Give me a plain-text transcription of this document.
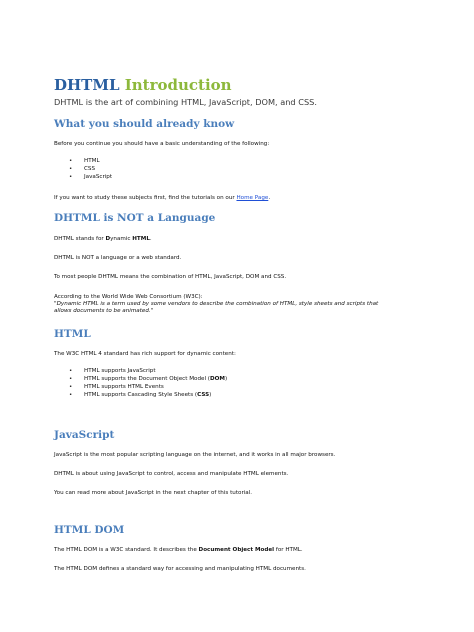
DHTML Introduction
DHTML is the art of combining HTML, JavaScript, DOM, and CSS.
What you should already know
Before you continue you should have a basic understanding of the following:
• HTML
• CSS
• JavaScript
If you want to study these subjects first, find the tutorials on our Home Page.
DHTML is NOT a Language
DHTML stands for Dynamic HTML.
DHTML is NOT a language or a web standard.
To most people DHTML means the combination of HTML, JavaScript, DOM and CSS.
According to the World Wide Web Consortium (W3C):
"Dynamic HTML is a term used by some vendors to describe the combination of HTML, style sheets and scripts that
allows documents to be animated."
HTML
The W3C HTML 4 standard has rich support for dynamic content:
• HTML supports JavaScript
• HTML supports the Document Object Model (DOM)
• HTML supports HTML Events
• HTML supports Cascading Style Sheets (CSS)
JavaScript
JavaScript is the most popular scripting language on the internet, and it works in all major browsers.
DHTML is about using JavaScript to control, access and manipulate HTML elements.
You can read more about JavaScript in the next chapter of this tutorial.
HTML DOM
The HTML DOM is a W3C standard. It describes the Document Object Model for HTML.
The HTML DOM defines a standard way for accessing and manipulating HTML documents.
